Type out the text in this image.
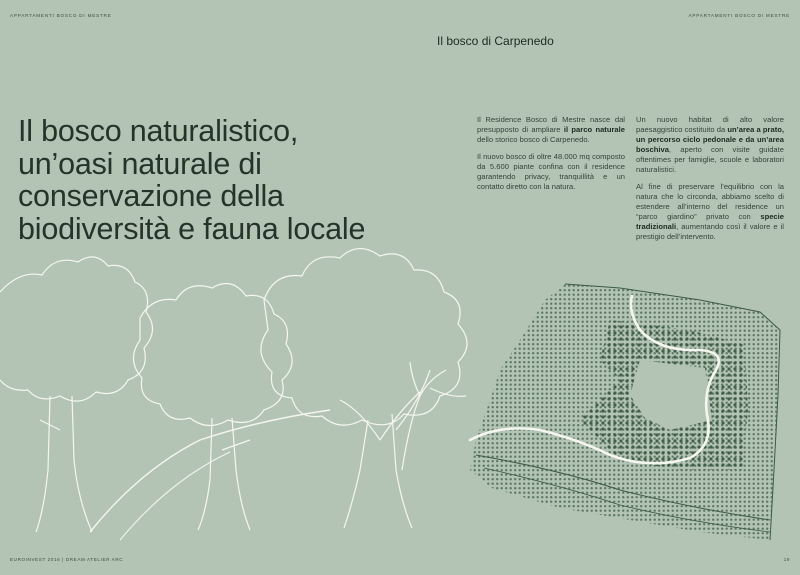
APPARTAMENTI BOSCO DI MESTRE	APPARTAMENTI BOSCO DI MESTRE
Il bosco di Carpenedo
Il bosco naturalistico,
un’oasi naturale di
conservazione della
biodiversità e fauna locale

Il Residence Bosco di Mestre nasce dal presupposto di ampliare il parco naturale dello storico bosco di Carpenedo.

Il nuovo bosco di oltre 48.000 mq composto da 5.600 piante confina con il residence garantendo privacy, tranquillità e un contatto diretto con la natura.

Un nuovo habitat di alto valore paesaggistico costituito da un’area a prato, un percorso ciclo pedonale e da un’area boschiva, aperto con visite guidate oftentimes per famiglie, scuole e laboratori naturalistici.

Al fine di preservare l’equilibrio con la natura che lo circonda, abbiamo scelto di estendere all’interno del residence un “parco giardino” privato con specie tradizionali, aumentando così il valore e il prestigio dell’intervento.

EUROINVEST 2016 | DREAM ATELIER ARC	19
